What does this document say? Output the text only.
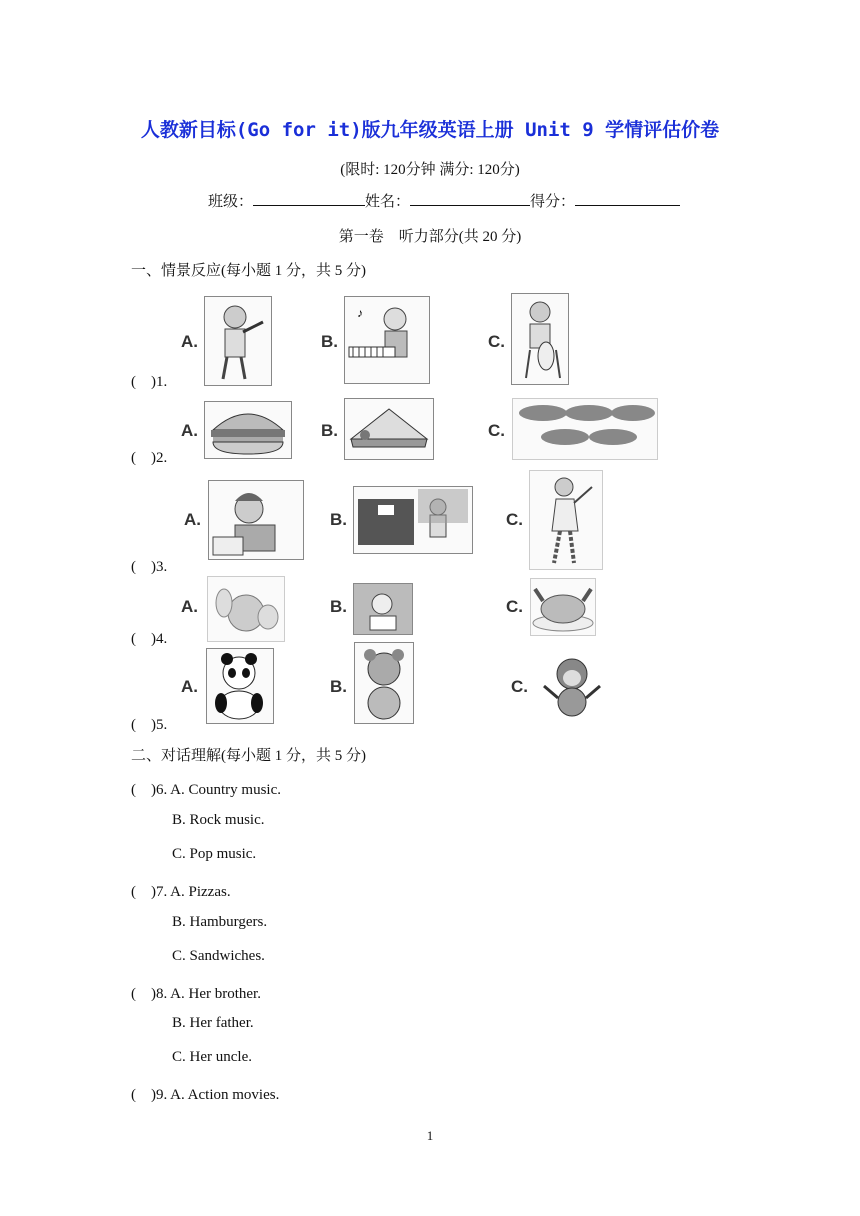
人教新目标(Go for it)版九年级英语上册 Unit 9 学情评估价卷
(限时: 120分钟 满分: 120分)
班级：	姓名：	得分：
第一卷　听力部分(共 20 分)
一、情景反应(每小题 1 分，共 5 分)
(　)1.
A.	B.
♪
C.
(　)2.
A.	B.	C.
(　)3.
A.	B.	C.
(　)4.
A.	B.	C.
(　)5.
A.	B.	C.
二、对话理解(每小题 1 分，共 5 分)
(　)6. A. Country music.
B. Rock music.
C. Pop music.
(　)7. A. Pizzas.
B. Hamburgers.
C. Sandwiches.
(　)8. A. Her brother.
B. Her father.
C. Her uncle.
(　)9. A. Action movies.
1
